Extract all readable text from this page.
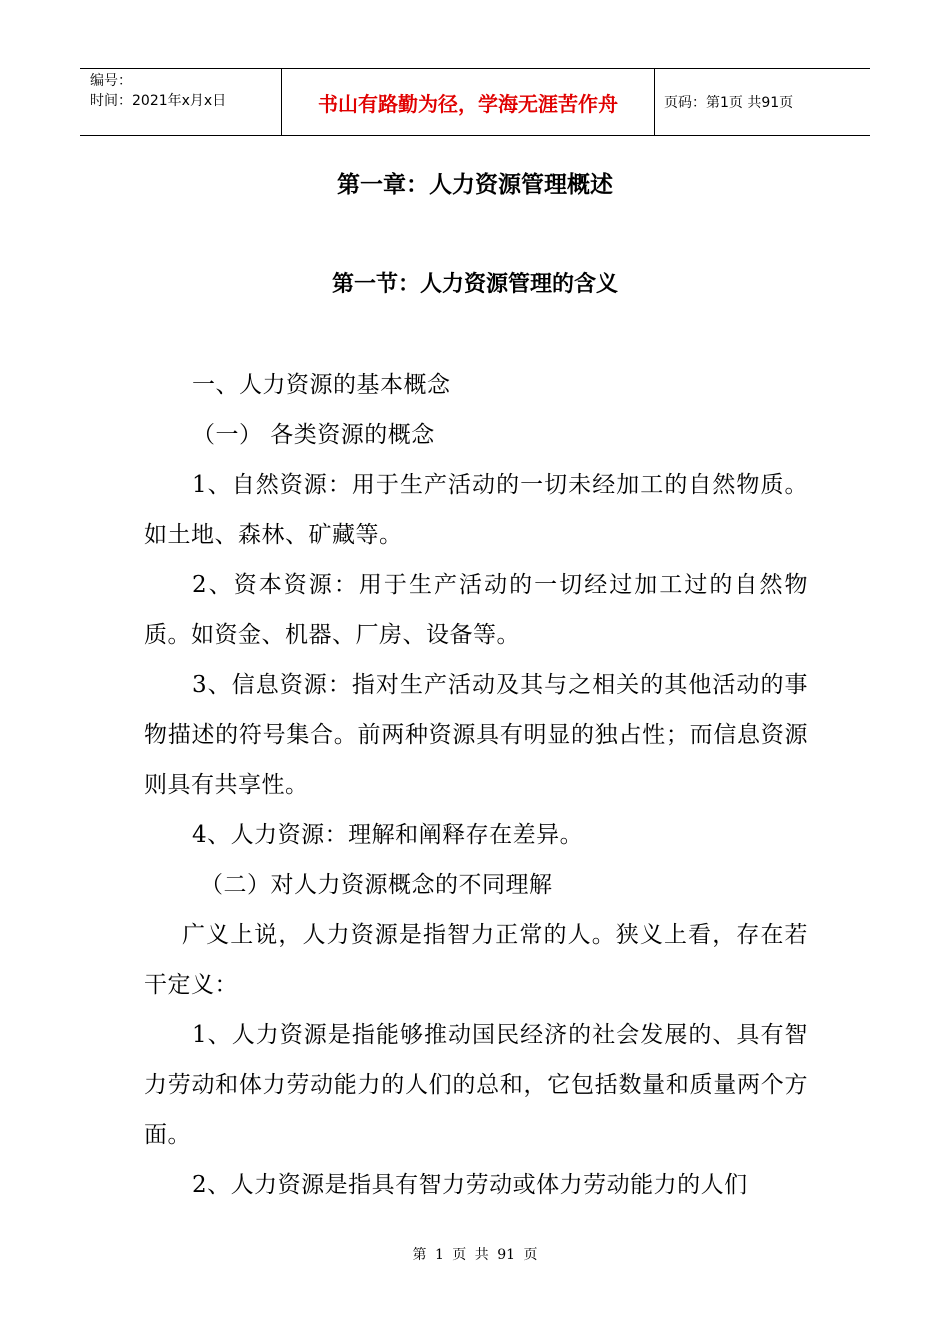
编号：
时间：2021年x月x日	书山有路勤为径，学海无涯苦作舟	页码：第1页 共91页
第一章：人力资源管理概述
第一节：人力资源管理的含义

一、人力资源的基本概念

（一） 各类资源的概念

1、自然资源：用于生产活动的一切未经加工的自然物质。如土地、森林、矿藏等。

2、资本资源：用于生产活动的一切经过加工过的自然物质。如资金、机器、厂房、设备等。

3、信息资源：指对生产活动及其与之相关的其他活动的事物描述的符号集合。前两种资源具有明显的独占性；而信息资源则具有共享性。

4、人力资源：理解和阐释存在差异。

（二）对人力资源概念的不同理解

广义上说，人力资源是指智力正常的人。狭义上看，存在若干定义：

1、人力资源是指能够推动国民经济的社会发展的、具有智力劳动和体力劳动能力的人们的总和，它包括数量和质量两个方面。

2、人力资源是指具有智力劳动或体力劳动能力的人们

第 1 页 共 91 页
